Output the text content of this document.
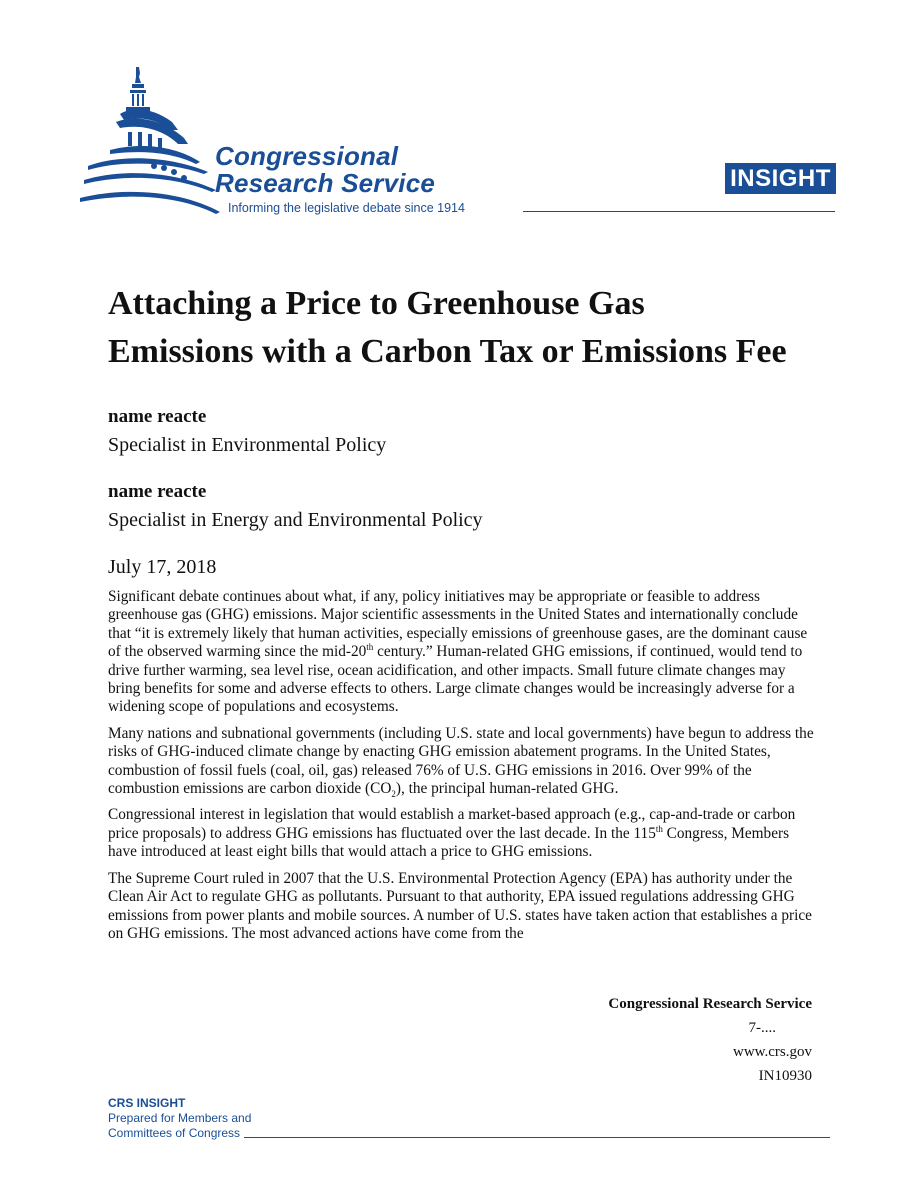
Congressional
Research Service
Informing the legislative debate since 1914
INSIGHT
Attaching a Price to Greenhouse Gas
Emissions with a Carbon Tax or Emissions Fee
name reacte
Specialist in Environmental Policy
name reacte
Specialist in Energy and Environmental Policy
July 17, 2018

Significant debate continues about what, if any, policy initiatives may be appropriate or feasible to address greenhouse gas (GHG) emissions. Major scientific assessments in the United States and internationally conclude that “it is extremely likely that human activities, especially emissions of greenhouse gases, are the dominant cause of the observed warming since the mid-20th century.” Human-related GHG emissions, if continued, would tend to drive further warming, sea level rise, ocean acidification, and other impacts. Small future climate changes may bring benefits for some and adverse effects to others. Large climate changes would be increasingly adverse for a widening scope of populations and ecosystems.

Many nations and subnational governments (including U.S. state and local governments) have begun to address the risks of GHG-induced climate change by enacting GHG emission abatement programs. In the United States, combustion of fossil fuels (coal, oil, gas) released 76% of U.S. GHG emissions in 2016. Over 99% of the combustion emissions are carbon dioxide $(CO_2)$, the principal human-related GHG.

Congressional interest in legislation that would establish a market-based approach (e.g., cap-and-trade or carbon price proposals) to address GHG emissions has fluctuated over the last decade. In the 115th Congress, Members have introduced at least eight bills that would attach a price to GHG emissions.

The Supreme Court ruled in 2007 that the U.S. Environmental Protection Agency (EPA) has authority under the Clean Air Act to regulate GHG as pollutants. Pursuant to that authority, EPA issued regulations addressing GHG emissions from power plants and mobile sources. A number of U.S. states have taken action that establishes a price on GHG emissions. The most advanced actions have come from the

Congressional Research Service
7-....
www.crs.gov
IN10930
CRS INSIGHT
Prepared for Members and
Committees of Congress
